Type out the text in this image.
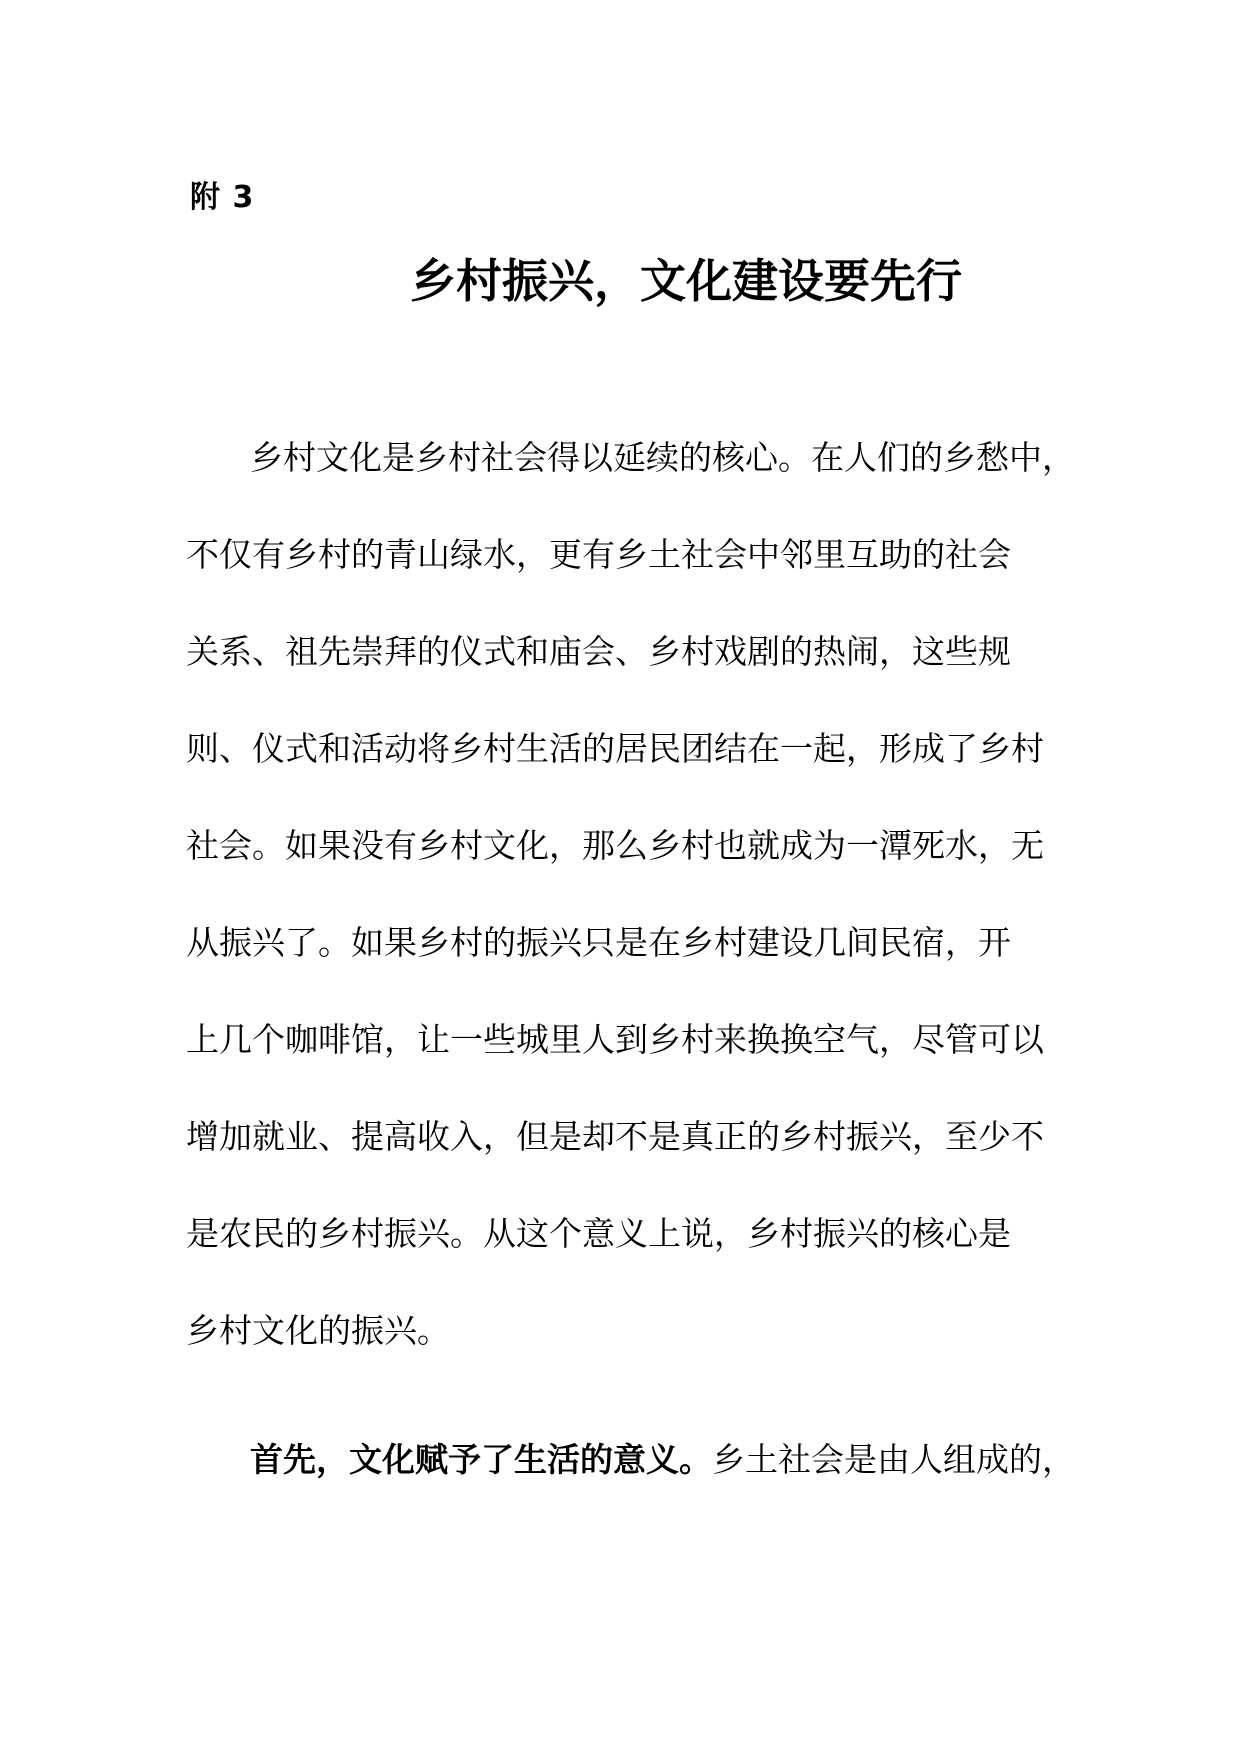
附 3
乡村振兴，文化建设要先行
乡村文化是乡村社会得以延续的核心。在人们的乡愁中，
不仅有乡村的青山绿水，更有乡土社会中邻里互助的社会
关系、祖先崇拜的仪式和庙会、乡村戏剧的热闹，这些规
则、仪式和活动将乡村生活的居民团结在一起，形成了乡村
社会。如果没有乡村文化，那么乡村也就成为一潭死水，无
从振兴了。如果乡村的振兴只是在乡村建设几间民宿，开
上几个咖啡馆，让一些城里人到乡村来换换空气，尽管可以
增加就业、提高收入，但是却不是真正的乡村振兴，至少不
是农民的乡村振兴。从这个意义上说，乡村振兴的核心是
乡村文化的振兴。
首先，文化赋予了生活的意义。乡土社会是由人组成的，
